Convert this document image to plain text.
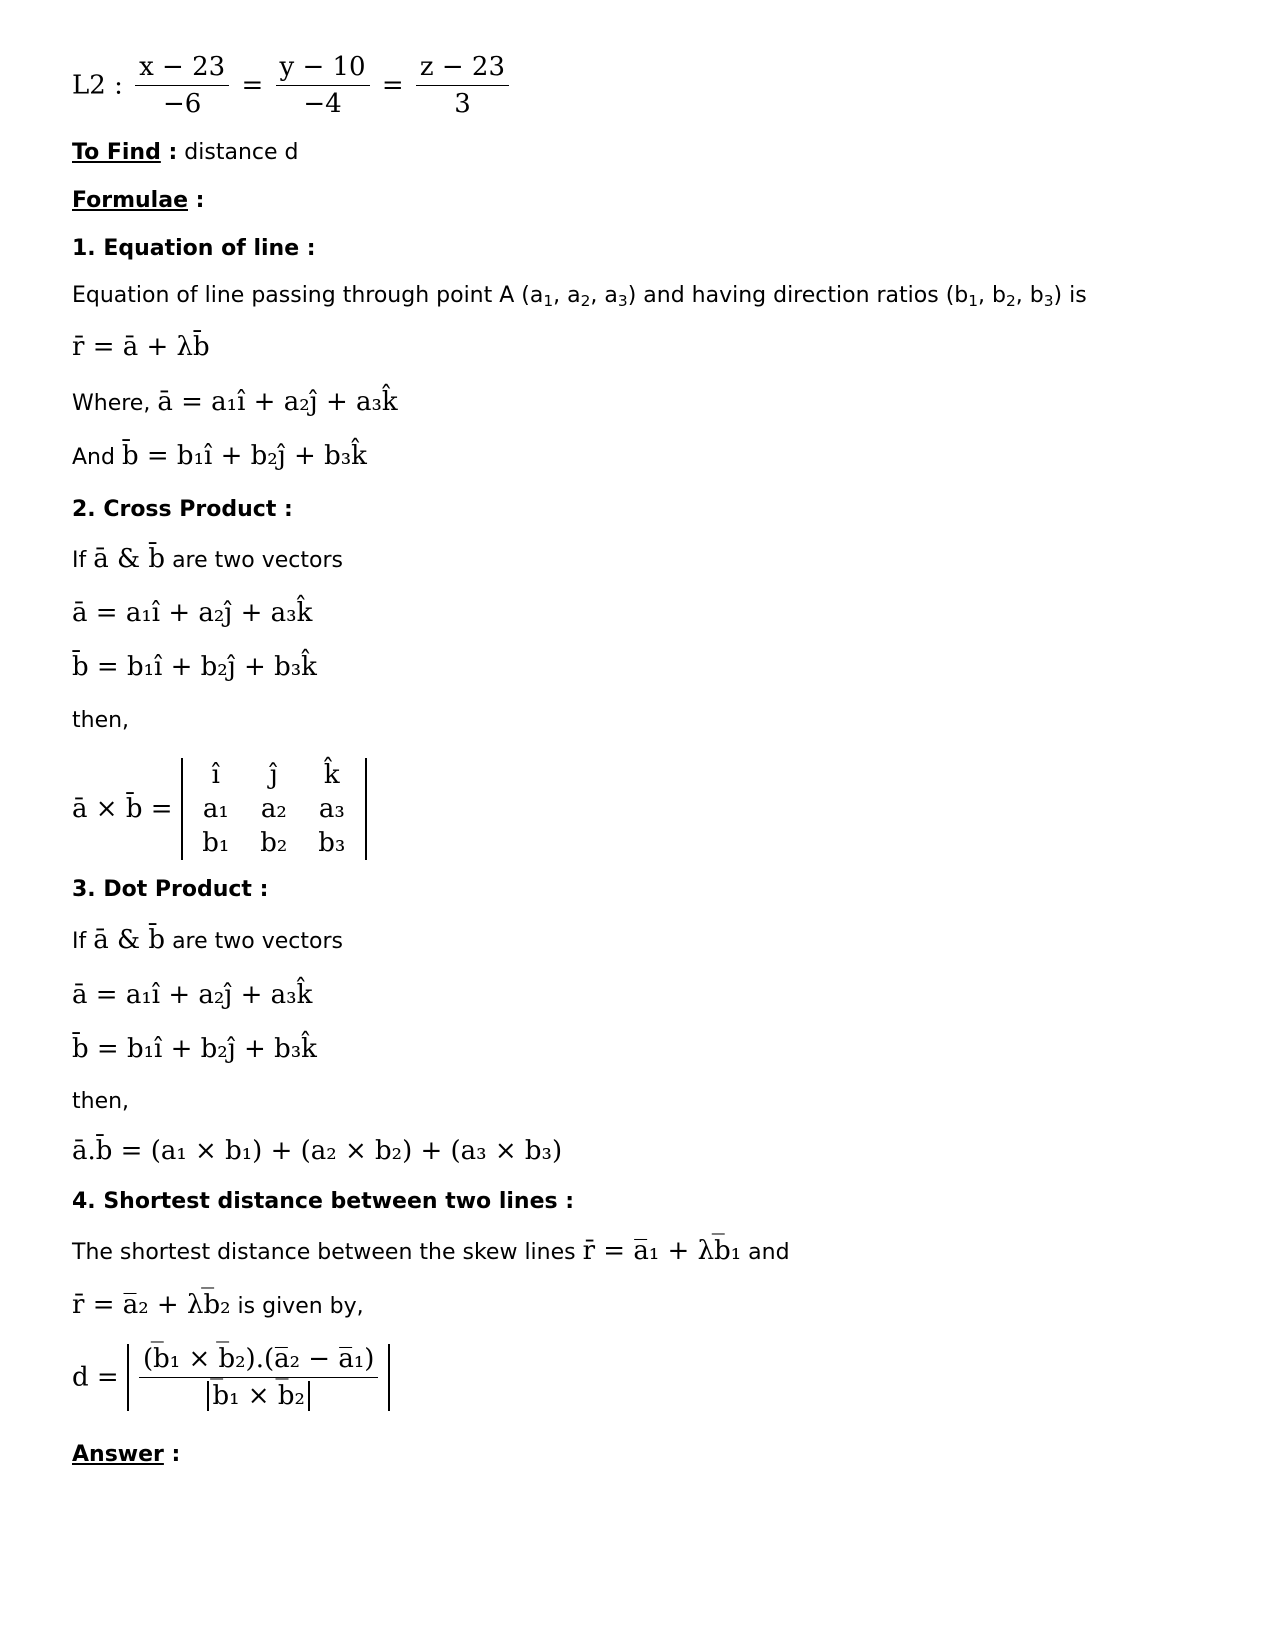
L2 : $\frac{x - 23}{-6} = \frac{y - 10}{-4} = \frac{z - 23}{3}$
To Find : distance d
Formulae :
1. Equation of line :
Equation of line passing through point A ($a_1$, $a_2$, $a_3$) and having direction ratios ($b_1$, $b_2$, $b_3$) is
r̄ = ā + λb̄
Where, ā = a₁î + a₂ĵ + a₃k̂
And b̄ = b₁î + b₂ĵ + b₃k̂
2. Cross Product :
If ā & b̄ are two vectors
ā = a₁î + a₂ĵ + a₃k̂
b̄ = b₁î + b₂ĵ + b₃k̂
then,
ā × b̄ =
î	ĵ	k̂
a₁	a₂	a₃
b₁	b₂	b₃
3. Dot Product :
If ā & b̄ are two vectors
ā = a₁î + a₂ĵ + a₃k̂
b̄ = b₁î + b₂ĵ + b₃k̂
then,
ā.b̄ = (a₁ × b₁) + (a₂ × b₂) + (a₃ × b₃)
4. Shortest distance between two lines :
The shortest distance between the skew lines r̄ = a̅₁ + λb̅₁ and
r̄ = a̅₂ + λb̅₂ is given by,
$d = \frac{\text{(b̅₁ × b̅₂).(a̅₂ − a̅₁)}}{\text{b̅₁ × b̅₂}}$
Answer :
